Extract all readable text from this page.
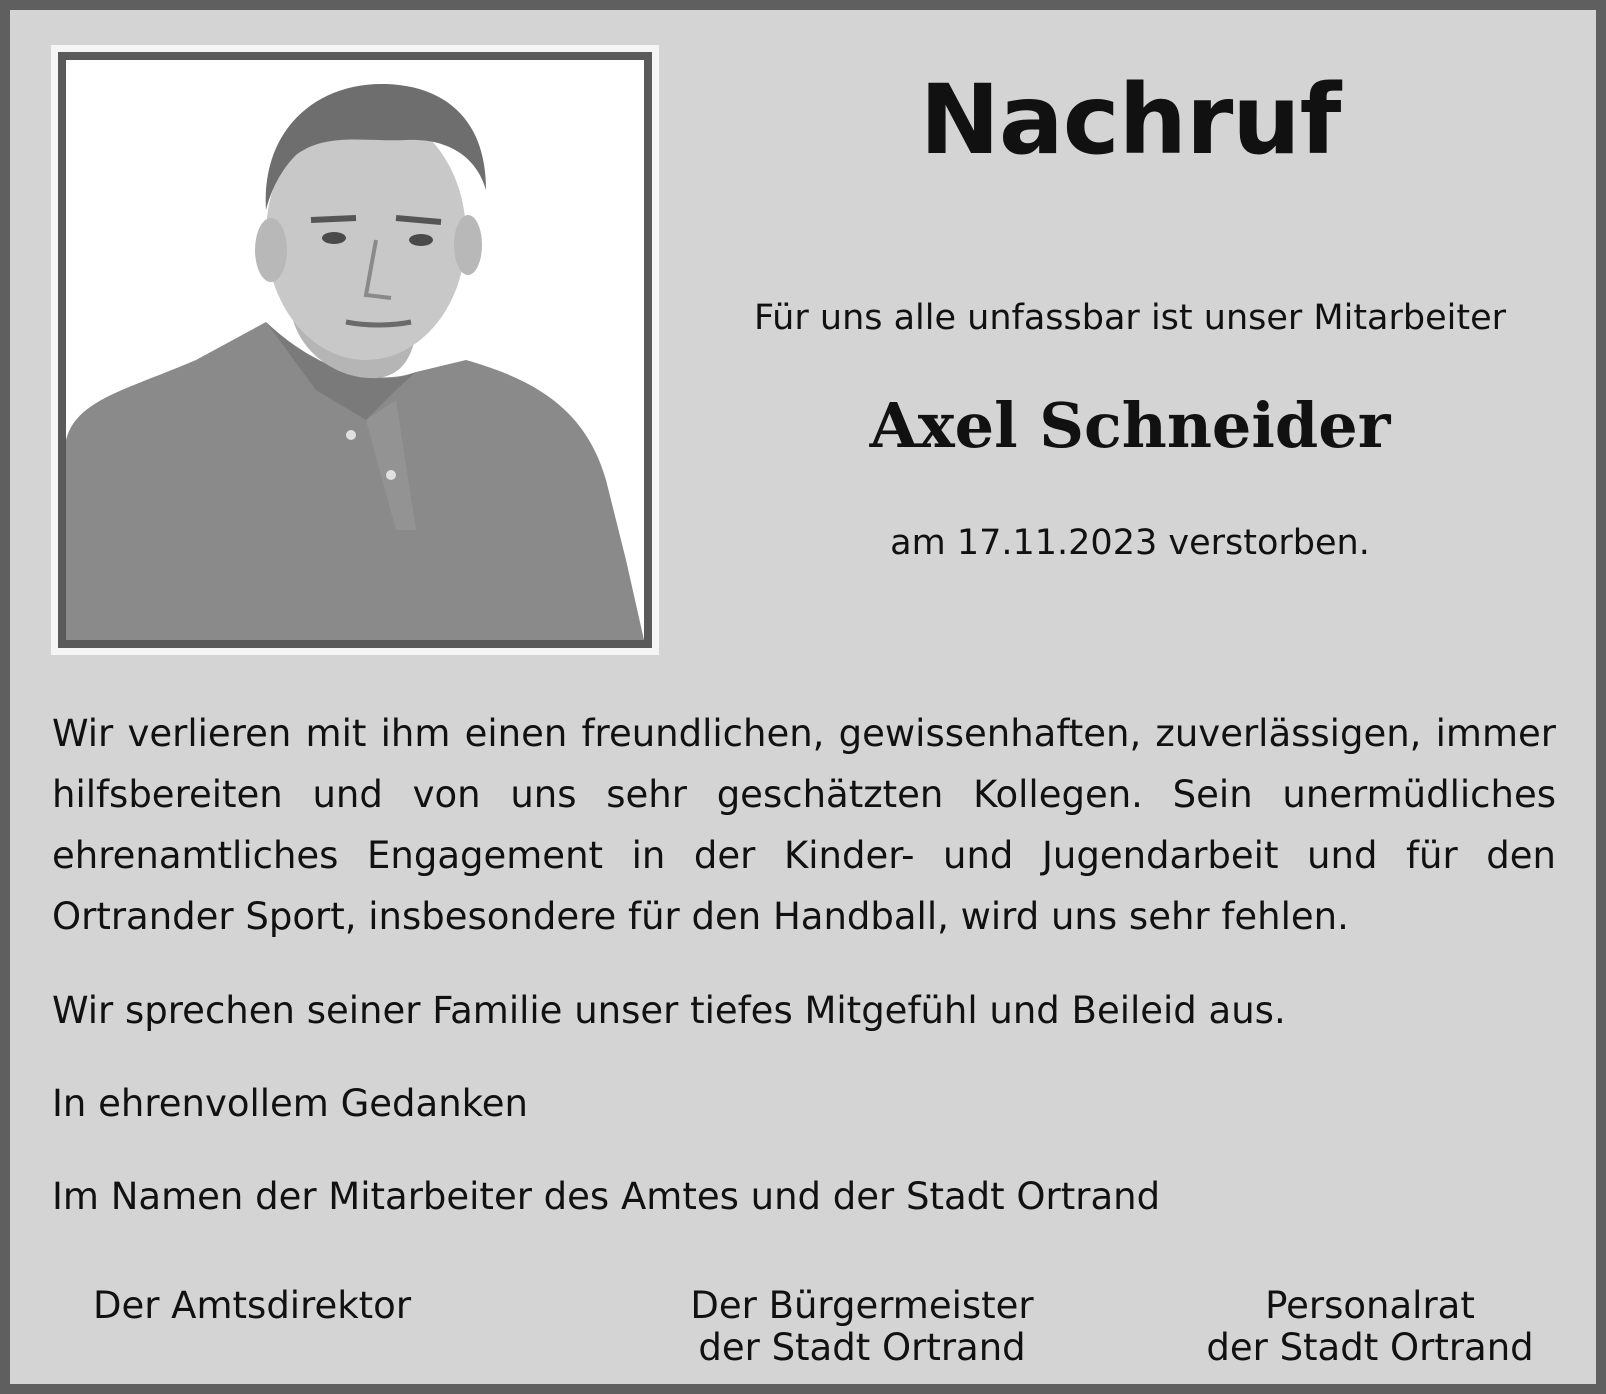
Nachruf
Für uns alle unfassbar ist unser Mitarbeiter
Axel Schneider
am 17.11.2023 verstorben.
Wir verlieren mit ihm einen freundlichen, gewissenhaften, zuverlässigen, immer hilfsbereiten und von uns sehr geschätzten Kollegen. Sein unermüdliches ehrenamtliches Engagement in der Kinder- und Jugendarbeit und für den Ortrander Sport, insbesondere für den Handball, wird uns sehr fehlen.
Wir sprechen seiner Familie unser tiefes Mitgefühl und Beileid aus.
In ehrenvollem Gedanken
Im Namen der Mitarbeiter des Amtes und der Stadt Ortrand
Der Amtsdirektor	Der Bürgermeister
der Stadt Ortrand
Personalrat
der Stadt Ortrand
